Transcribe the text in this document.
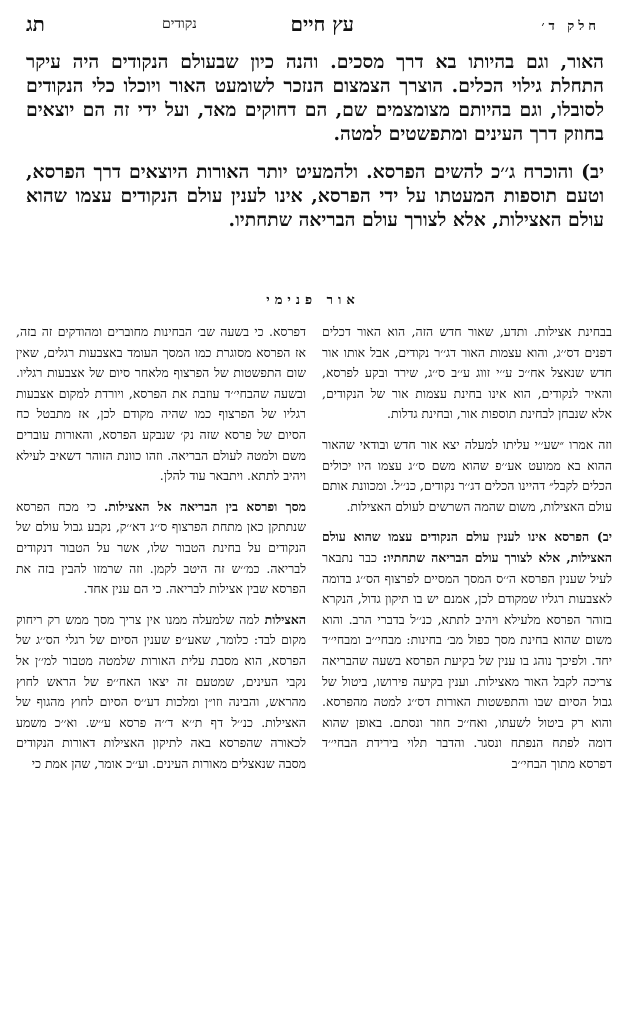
חלק ד׳
עץ חיים
נקודים
תג

האור, וגם בהיותו בא דרך מסכים. והנה כיון שבעולם הנקודים היה עיקר התחלת גילוי הכלים. הוצרך הצמצום הנזכר לשומעט האור ויוכלו כלי הנקודים לסובלו, וגם בהיותם מצומצמים שם, הם דחוקים מאד, ועל ידי זה הם יוצאים בחוזק דרך העינים ומתפשטים למטה.

יב) והוכרח ג׳׳כ להשים הפרסא. ולהמעיט יותר האורות היוצאים דרך הפרסא, וטעם תוספות המעטתו על ידי הפרסא, אינו לענין עולם הנקודים עצמו שהוא עולם האצילות, אלא לצורך עולם הבריאה שתחתיו.

אור פנימי

בבחינת אצילות. ותדע, שאור חדש הזה, הוא האור דכלים דפנים דס׳׳ג, והוא עצמות האור דג׳׳ר נקודים, אבל אותו אור חדש שנאצל אח׳׳כ ע׳׳י זווג ע׳׳ב ס׳׳ג, שירד ובקע לפרסא, והאיר לנקודים, הוא אינו בחינת עצמות אור של הנקודים, אלא שנבחן לבחינת תוספות אור, ובחינת גדלות.

וזה אמרו ״שע׳׳י עליתו למעלה יצא אור חדש ובודאי שהאור ההוא בא ממועט אע׳׳פ שהוא משם ס׳׳ג עצמו היו יכולים הכלים לקבל״ דהיינו הכלים דג׳׳ר נקודים, כנ׳׳ל. ומכוונת אותם עולם האצילות, משום שהמה השרשים לעולם האצילות.

יב) הפרסא אינו לענין עולם הנקודים עצמו שהוא עולם האצילות, אלא לצורך עולם הבריאה שתחתיו: כבר נתבאר לעיל שענין הפרסא ה׳׳ס המסך המסיים לפרצוף הס׳׳ג בדומה לאצבעות רגליו שמקודם לכן, אמנם יש בו תיקון גדול, הנקרא בזוהר הפרסא מלעילא ויהיב לתתא, כנ׳׳ל בדברי הרב. והוא משום שהוא בחינת מסך כפול מב׳ בחינות: מבחי׳׳ב ומבחי׳׳ד יחד. ולפיכך נוהג בו ענין של בקיעת הפרסא בשעה שהבריאה צריכה לקבל האור מאצילות. וענין בקיעה פירושו, ביטול של גבול הסיום שבו והתפשטות האורות דס׳׳ג למטה מהפרסא. והוא רק ביטול לשעתו, ואח׳׳כ חוזר ונסתם. באופן שהוא דומה לפתח הנפתח ונסגר. והדבר תלוי בירידת הבחי׳׳ד דפרסא מתוך הבחי׳׳ב

דפרסא. כי בשעה שב׳ הבחינות מחוברים ומהודקים זה בזה, אז הפרסא מסוגרת כמו המסך העומד באצבעות רגלים, שאין שום התפשטות של הפרצוף מלאחר סיום של אצבעות רגליו. ובשעה שהבחי׳׳ד עוזבת את הפרסא, ויורדת למקום אצבעות רגליו של הפרצוף כמו שהיה מקודם לכן, אז מתבטל כח הסיום של פרסא שזה נק׳ שנבקע הפרסא, והאורות עוברים משם ולמטה לעולם הבריאה. וזהו כוונת הזוהר דשאיב לעילא ויהיב לתתא. ויתבאר עוד להלן.

מסך ופרסא בין הבריאה אל האצילות. כי מכח הפרסא שנתתקן כאן מתחת הפרצוף ס׳׳ג דא׳׳ק, נקבע גבול עולם של הנקודים על בחינת הטבור שלו, אשר על הטבור דנקודים לבריאה. כמ׳׳ש זה היטב לקמן. וזה שרמזו להבין בזה את הפרסא שבין אצילות לבריאה. כי הם ענין אחד.

האצילות למה שלמעלה ממנו אין צריך מסך ממש רק ריחוק מקום לבד: כלומר, שאע׳׳פ שענין הסיום של רגלי הס׳׳ג של הפרסא, הוא מסבת עלית האורות שלמטה מטבור למ׳׳ן אל נקבי העינים, שמטעם זה יצאו האח׳׳פ של הראש לחוץ מהראש, והבינה וזו״ן ומלכות דע׳׳ס הסיום לחוץ מהגוף של האצילות. כנ׳׳ל דף ת׳׳א ד׳׳ה פרסא ע׳׳ש. וא׳׳כ משמע לכאורה שהפרסא באה לתיקון האצילות דאורות הנקודים מסבה שנאצלים מאורות העינים. וע׳׳כ אומר, שהן אמת כי
